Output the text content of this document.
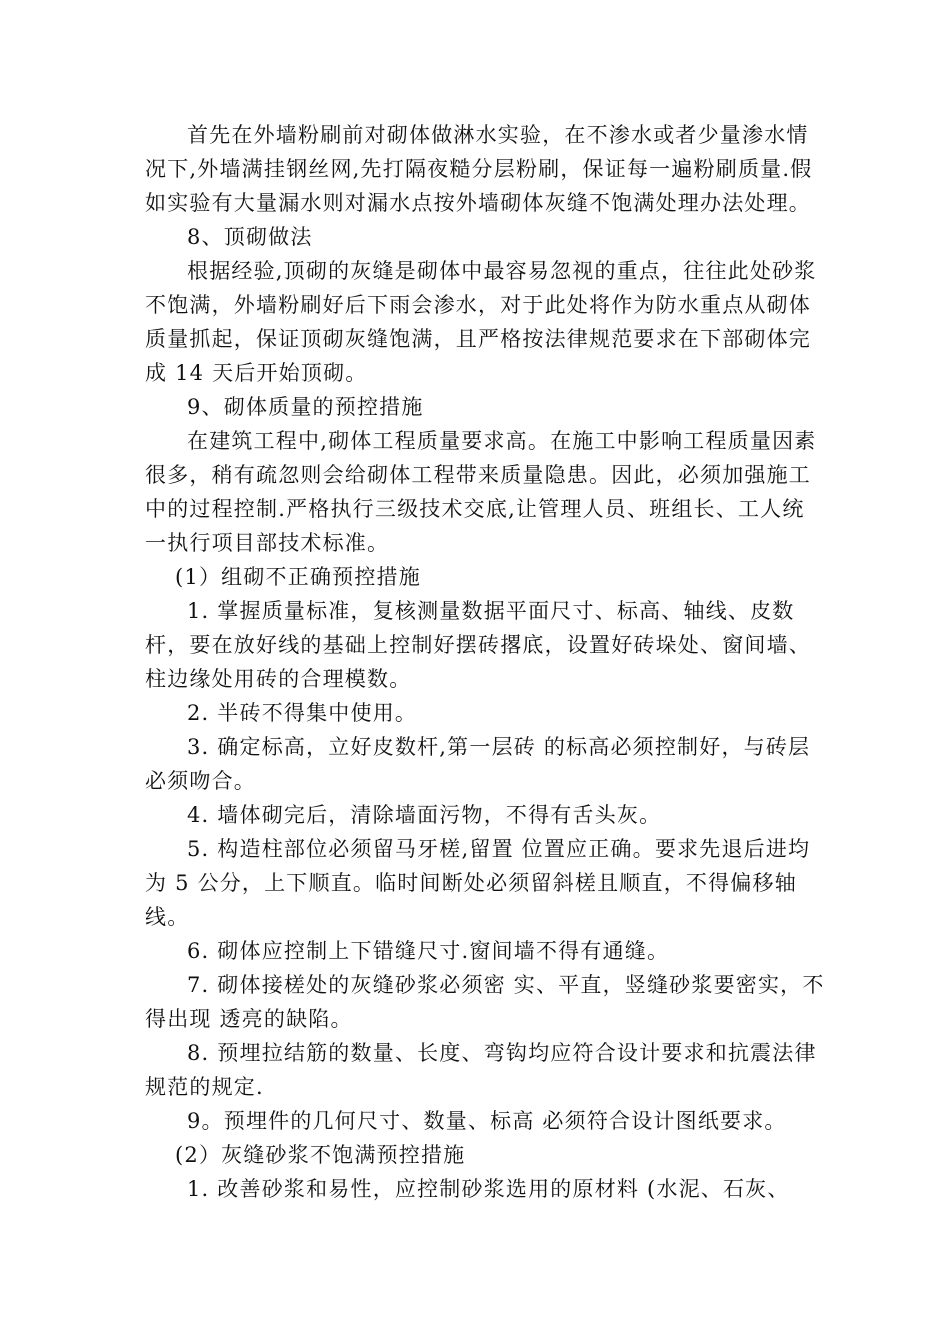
首先在外墙粉刷前对砌体做淋水实验，在不渗水或者少量渗水情况下,外墙满挂钢丝网,先打隔夜糙分层粉刷，保证每一遍粉刷质量.假如实验有大量漏水则对漏水点按外墙砌体灰缝不饱满处理办法处理。

8、顶砌做法

根据经验,顶砌的灰缝是砌体中最容易忽视的重点，往往此处砂浆不饱满，外墙粉刷好后下雨会渗水，对于此处将作为防水重点从砌体质量抓起，保证顶砌灰缝饱满，且严格按法律规范要求在下部砌体完成 14 天后开始顶砌。

9、砌体质量的预控措施

在建筑工程中,砌体工程质量要求高。在施工中影响工程质量因素很多，稍有疏忽则会给砌体工程带来质量隐患。因此，必须加强施工中的过程控制.严格执行三级技术交底,让管理人员、班组长、工人统一执行项目部技术标准。

(1）组砌不正确预控措施

1. 掌握质量标准，复核测量数据平面尺寸、标高、轴线、皮数杆，要在放好线的基础上控制好摆砖撂底，设置好砖垛处、窗间墙、柱边缘处用砖的合理模数。

2. 半砖不得集中使用。

3. 确定标高，立好皮数杆,第一层砖 的标高必须控制好，与砖层必须吻合。

4. 墙体砌完后，清除墙面污物，不得有舌头灰。

5. 构造柱部位必须留马牙槎,留置 位置应正确。要求先退后进均为 5 公分，上下顺直。临时间断处必须留斜槎且顺直，不得偏移轴线。

6. 砌体应控制上下错缝尺寸.窗间墙不得有通缝。

7. 砌体接槎处的灰缝砂浆必须密 实、平直，竖缝砂浆要密实，不得出现 透亮的缺陷。

8. 预埋拉结筋的数量、长度、弯钩均应符合设计要求和抗震法律规范的规定.

9。预埋件的几何尺寸、数量、标高 必须符合设计图纸要求。

(2）灰缝砂浆不饱满预控措施

1. 改善砂浆和易性，应控制砂浆选用的原材料 (水泥、石灰、
